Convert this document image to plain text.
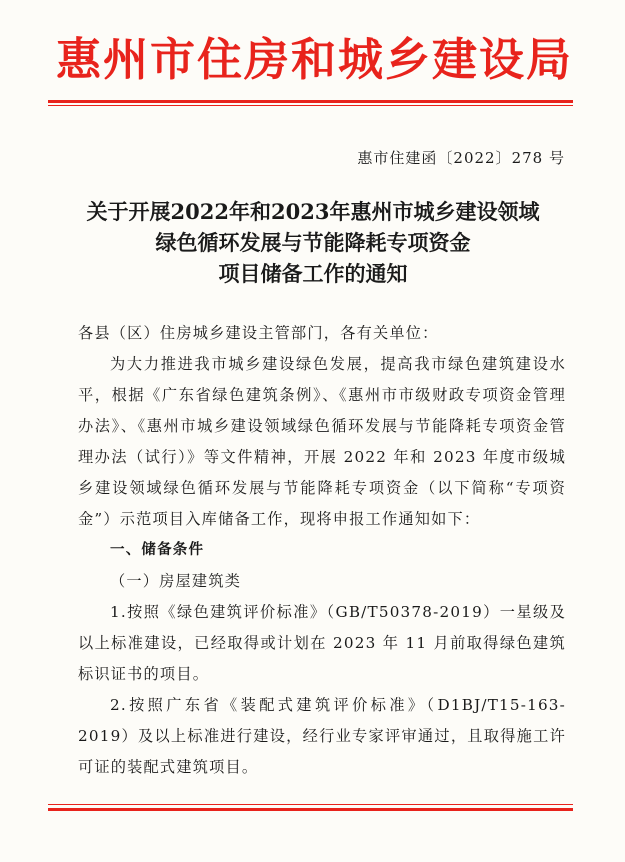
惠州市住房和城乡建设局
惠市住建函〔2022〕278 号
关于开展2022年和2023年惠州市城乡建设领域
绿色循环发展与节能降耗专项资金
项目储备工作的通知

各县（区）住房城乡建设主管部门，各有关单位：

为大力推进我市城乡建设绿色发展，提高我市绿色建筑建设水平，根据《广东省绿色建筑条例》、《惠州市市级财政专项资金管理办法》、《惠州市城乡建设领域绿色循环发展与节能降耗专项资金管理办法（试行）》等文件精神，开展 2022 年和 2023 年度市级城乡建设领域绿色循环发展与节能降耗专项资金（以下简称“专项资金”）示范项目入库储备工作，现将申报工作通知如下：

一、储备条件

（一）房屋建筑类

1.按照《绿色建筑评价标准》（GB/T50378-2019）一星级及以上标准建设，已经取得或计划在 2023 年 11 月前取得绿色建筑标识证书的项目。

2.按照广东省《装配式建筑评价标准》（D1BJ/T15-163-2019）及以上标准进行建设，经行业专家评审通过，且取得施工许可证的装配式建筑项目。
